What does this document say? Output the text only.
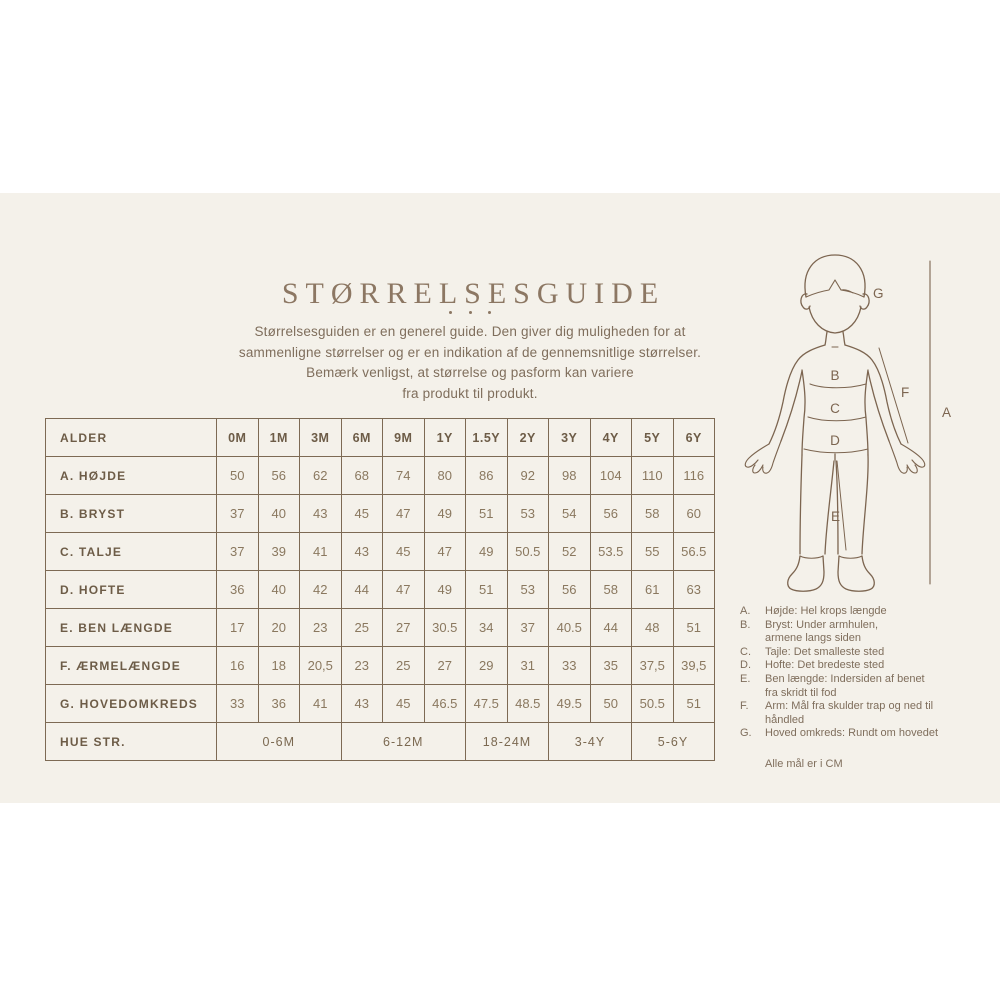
STØRRELSESGUIDE

Størrelsesguiden er en generel guide. Den giver dig muligheden for at
sammenligne størrelser og er en indikation af de gennemsnitlige størrelser.
Bemærk venligst, at størrelse og pasform kan variere
fra produkt til produkt.
ALDER	0M	1M	3M	6M	9M	1Y	1.5Y	2Y	3Y	4Y	5Y	6Y
A. HØJDE	50	56	62	68	74	80	86	92	98	104	110	116
B. BRYST	37	40	43	45	47	49	51	53	54	56	58	60
C. TALJE	37	39	41	43	45	47	49	50.5	52	53.5	55	56.5
D. HOFTE	36	40	42	44	47	49	51	53	56	58	61	63
E. BEN LÆNGDE	17	20	23	25	27	30.5	34	37	40.5	44	48	51
F. ÆRMELÆNGDE	16	18	20,5	23	25	27	29	31	33	35	37,5	39,5
G. HOVEDOMKREDS	33	36	41	43	45	46.5	47.5	48.5	49.5	50	50.5	51
HUE STR.	0-6M			6-12M			18-24M		3-4Y		5-6Y	
G
B
C
D
E
F
A
A.	Højde: Hel krops længde
B.	Bryst: Under armhulen,
armene langs siden
C.	Tajle: Det smalleste sted
D.	Hofte: Det bredeste sted
E.	Ben længde: Indersiden af benet
fra skridt til fod
F.	Arm: Mål fra skulder trap og ned til
håndled
G.	Hoved omkreds: Rundt om hovedet
Alle mål er i CM
